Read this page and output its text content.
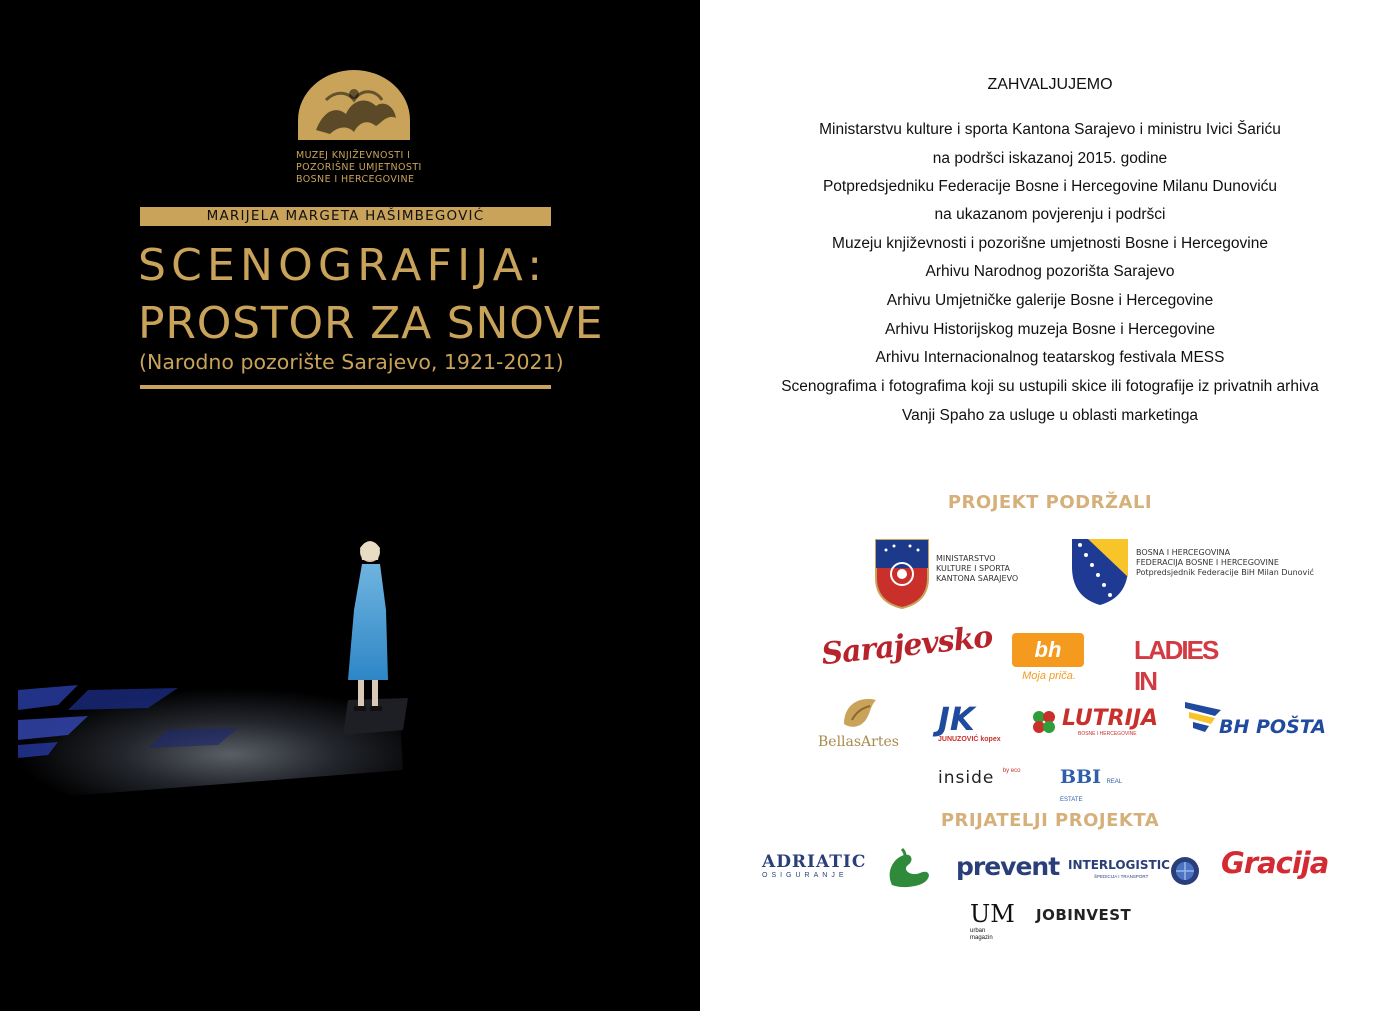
MUZEJ KNJIŽEVNOSTI I
POZORIŠNE UMJETNOSTI
BOSNE I HERCEGOVINE
MARIJELA MARGETA HAŠIMBEGOVIĆ
SCENOGRAFIJA:
PROSTOR ZA SNOVE
(Narodno pozorište Sarajevo, 1921-2021)
ZAHVALJUJEMO
Ministarstvu kulture i sporta Kantona Sarajevo i ministru Ivici Šariću
na podršci iskazanoj 2015. godine
Potpredsjedniku Federacije Bosne i Hercegovine Milanu Dunoviću
na ukazanom povjerenju i podršci
Muzeju književnosti i pozorišne umjetnosti Bosne i Hercegovine
Arhivu Narodnog pozorišta Sarajevo
Arhivu Umjetničke galerije Bosne i Hercegovine
Arhivu Historijskog muzeja Bosne i Hercegovine
Arhivu Internacionalnog teatarskog festivala MESS
Scenografima i fotografima koji su ustupili skice ili fotografije iz privatnih arhiva
Vanji Spaho za usluge u oblasti marketinga
PROJEKT PODRŽALI
MINISTARSTVO
KULTURE I SPORTA
KANTONA SARAJEVO
BOSNA I HERCEGOVINA
FEDERACIJA BOSNE I HERCEGOVINE
Potpredsjednik Federacije BiH Milan Dunović
Sarajevsko	bh
Moja priča.
LADIES IN
BellasArtes
JK
JUNUZOVIĆ kopex
LUTRIJA
BOSNE I HERCEGOVINE	BH POŠTA
inside $^{by eco}$	BBI REAL ESTATE
PRIJATELJI PROJEKTA
ADRIATIC
OSIGURANJE	prevent INTERLOGISTIC
ŠPEDICIJA I TRANSPORT	Gracija
UM
urban
magazin
JOBINVEST
